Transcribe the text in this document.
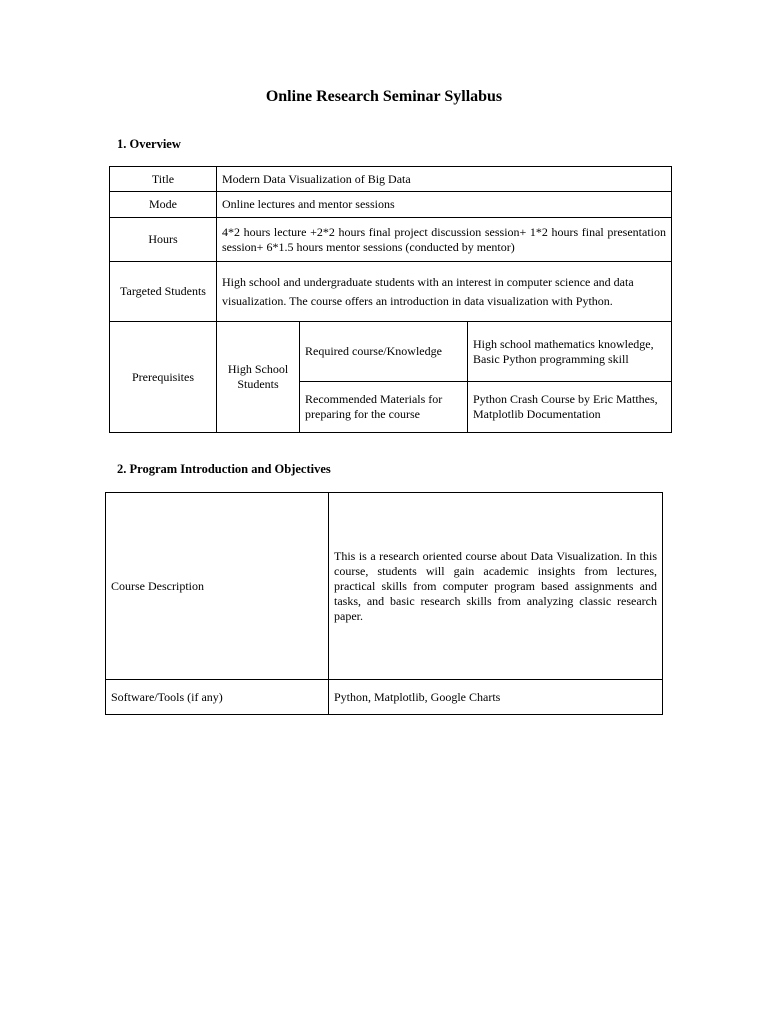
Online Research Seminar Syllabus
1. Overview
Title	Modern Data Visualization of Big Data		
Mode	Online lectures and mentor sessions		
Hours	4*2 hours lecture +2*2 hours final project discussion session+ 1*2 hours final presentation session+ 6*1.5 hours mentor sessions (conducted by mentor)		
Targeted Students	High school and undergraduate students with an interest in computer science and data visualization. The course offers an introduction in data visualization with Python.		
Prerequisites	High School Students	Required course/Knowledge	High school mathematics knowledge, Basic Python programming skill
		Recommended Materials for preparing for the course	Python Crash Course by Eric Matthes, Matplotlib Documentation
2. Program Introduction and Objectives
Course Description	This is a research oriented course about Data Visualization. In this course, students will gain academic insights from lectures, practical skills from computer program based assignments and tasks, and basic research skills from analyzing classic research paper.
Software/Tools (if any)	Python, Matplotlib, Google Charts
